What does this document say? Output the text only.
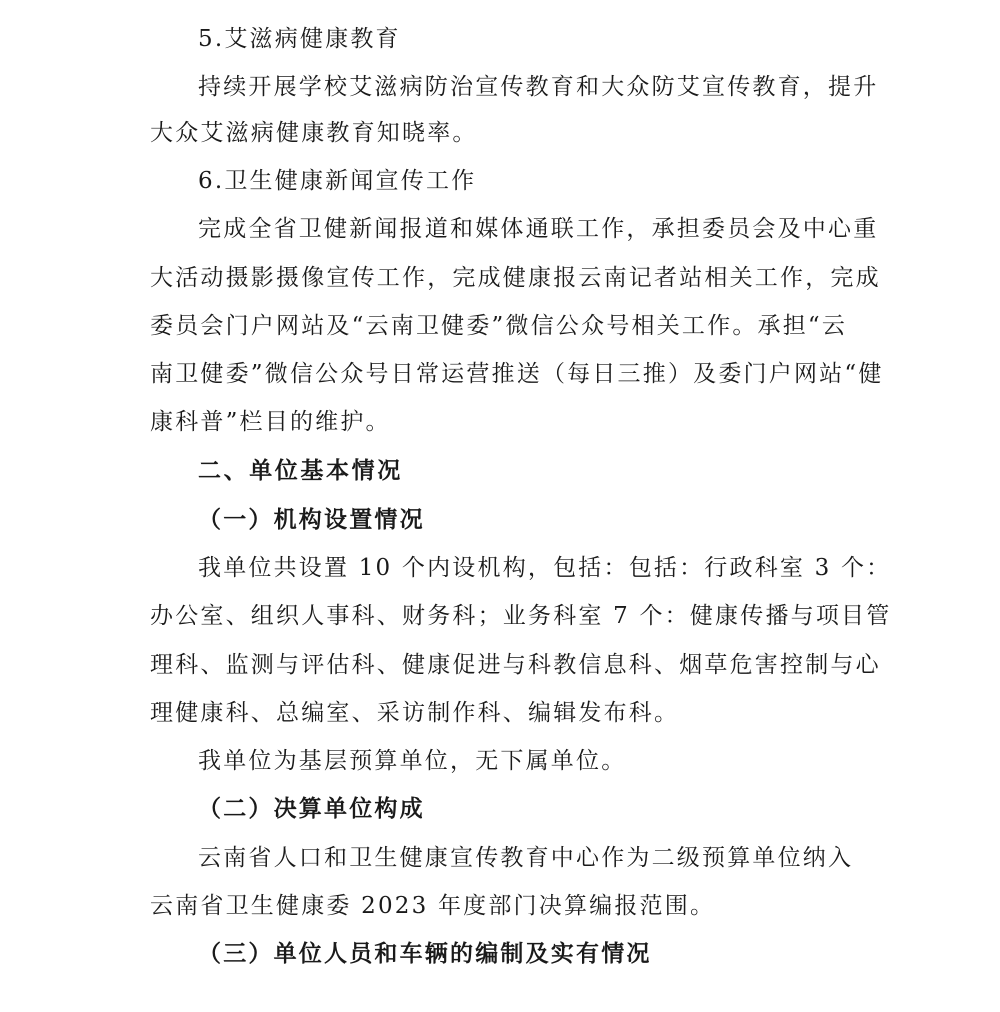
5.艾滋病健康教育
持续开展学校艾滋病防治宣传教育和大众防艾宣传教育，提升
大众艾滋病健康教育知晓率。
6.卫生健康新闻宣传工作
完成全省卫健新闻报道和媒体通联工作，承担委员会及中心重
大活动摄影摄像宣传工作，完成健康报云南记者站相关工作，完成
委员会门户网站及“云南卫健委”微信公众号相关工作。承担“云
南卫健委”微信公众号日常运营推送（每日三推）及委门户网站“健
康科普”栏目的维护。
二、单位基本情况
（一）机构设置情况
我单位共设置 10 个内设机构，包括：包括：行政科室 3 个：
办公室、组织人事科、财务科；业务科室 7 个：健康传播与项目管
理科、监测与评估科、健康促进与科教信息科、烟草危害控制与心
理健康科、总编室、采访制作科、编辑发布科。
我单位为基层预算单位，无下属单位。
（二）决算单位构成
云南省人口和卫生健康宣传教育中心作为二级预算单位纳入
云南省卫生健康委 2023 年度部门决算编报范围。
（三）单位人员和车辆的编制及实有情况
